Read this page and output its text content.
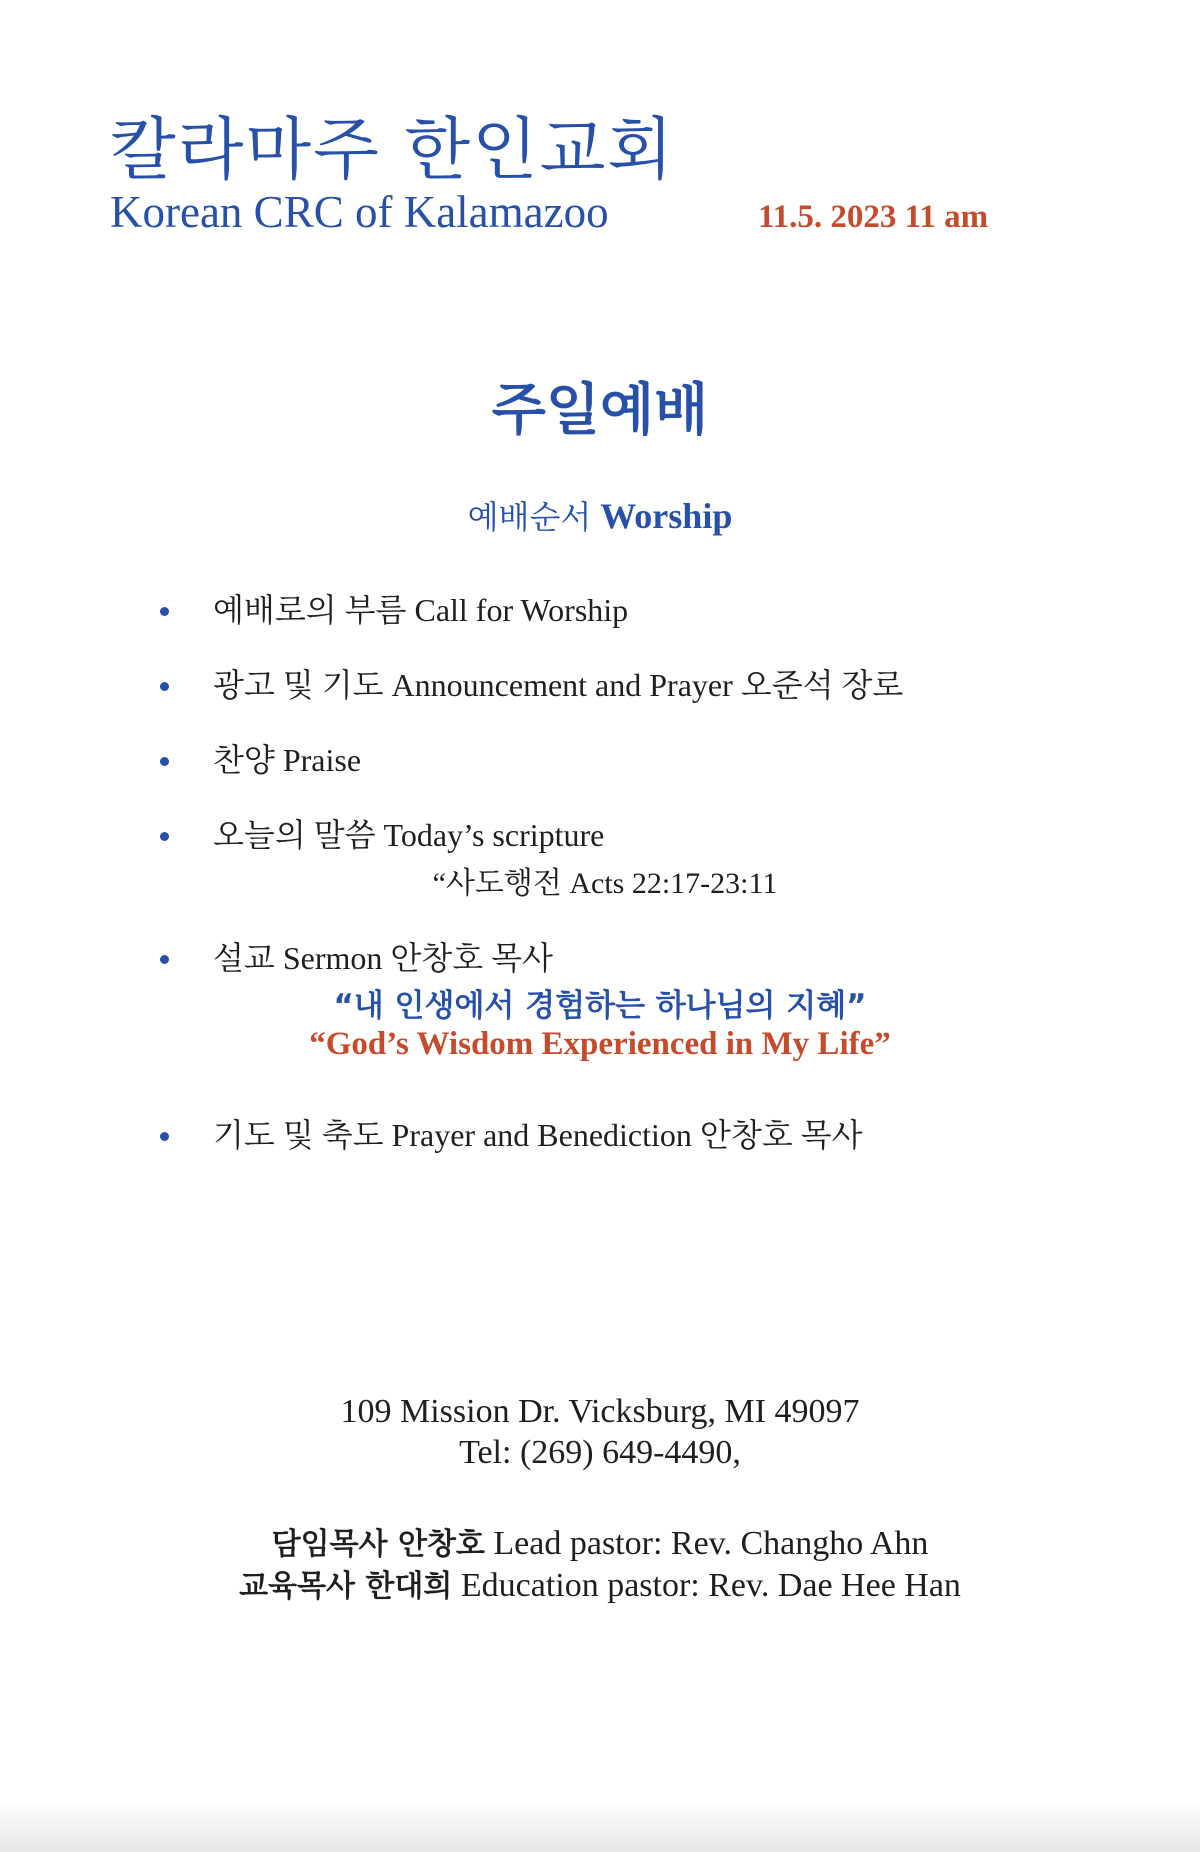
칼라마주 한인교회
Korean CRC of Kalamazoo	11.5. 2023 11 am
주일예배
예배순서 Worship
예배로의 부름 Call for Worship
광고 및 기도 Announcement and Prayer 오준석 장로
찬양 Praise
오늘의 말씀 Today’s scripture
“사도행전 Acts 22:17-23:11
설교 Sermon 안창호 목사
“내 인생에서 경험하는 하나님의 지혜”
“God’s Wisdom Experienced in My Life”
기도 및 축도 Prayer and Benediction 안창호 목사
109 Mission Dr. Vicksburg, MI 49097
Tel: (269) 649-4490,
담임목사 안창호 Lead pastor: Rev. Changho Ahn
교육목사 한대희 Education pastor: Rev. Dae Hee Han
